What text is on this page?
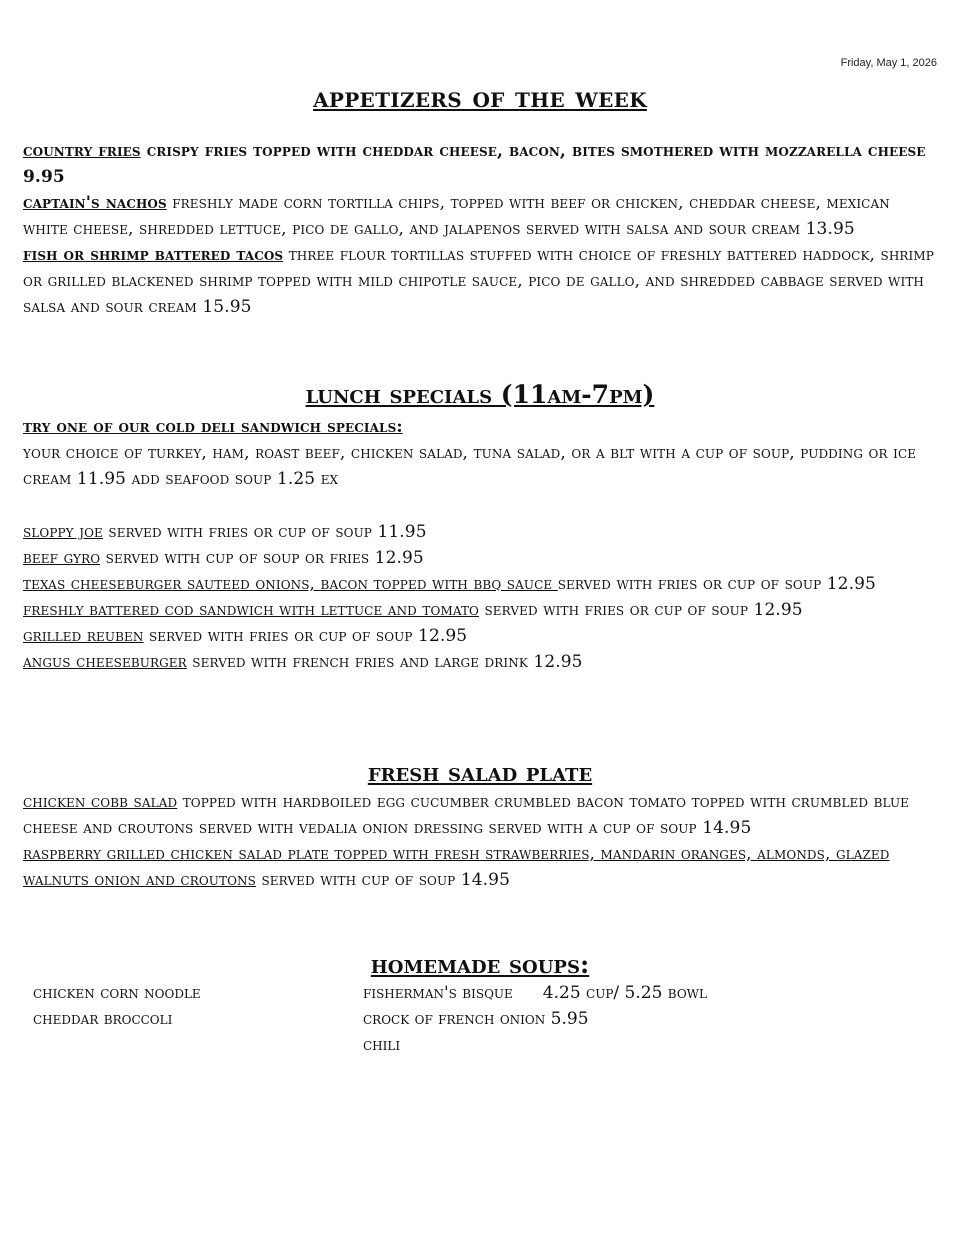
Friday, May 1, 2026
appetizers of the week

country fries crispy fries topped with cheddar cheese, bacon, bites smothered with mozzarella cheese 9.95

captain's nachos freshly made corn tortilla chips, topped with beef or chicken, cheddar cheese, mexican white cheese, shredded lettuce, pico de gallo, and jalapenos served with salsa and sour cream 13.95

fish or shrimp battered tacos three flour tortillas stuffed with choice of freshly battered haddock, shrimp or grilled blackened shrimp topped with mild chipotle sauce, pico de gallo, and shredded cabbage served with salsa and sour cream 15.95

lunch specials (11am-7pm)
try one of our cold deli sandwich specials:
your choice of turkey, ham, roast beef, chicken salad, tuna salad, or a blt with a cup of soup, pudding or ice cream 11.95 add seafood soup 1.25 ex

sloppy joe served with fries or cup of soup 11.95

beef gyro served with cup of soup or fries 12.95

texas cheeseburger sauteed onions, bacon topped with bbq sauce served with fries or cup of soup 12.95

freshly battered cod sandwich with lettuce and tomato served with fries or cup of soup 12.95

grilled reuben served with fries or cup of soup 12.95

angus cheeseburger served with french fries and large drink 12.95

fresh salad plate

chicken cobb salad topped with hardboiled egg cucumber crumbled bacon tomato topped with crumbled blue cheese and croutons served with vedalia onion dressing served with a cup of soup 14.95

raspberry grilled chicken salad plate topped with fresh strawberries, mandarin oranges, almonds, glazed walnuts onion and croutons served with cup of soup 14.95

homemade soups:
chicken corn noodle
cheddar broccoli
fisherman's bisque 4.25 cup/ 5.25 bowl
crock of french onion 5.95
chili
